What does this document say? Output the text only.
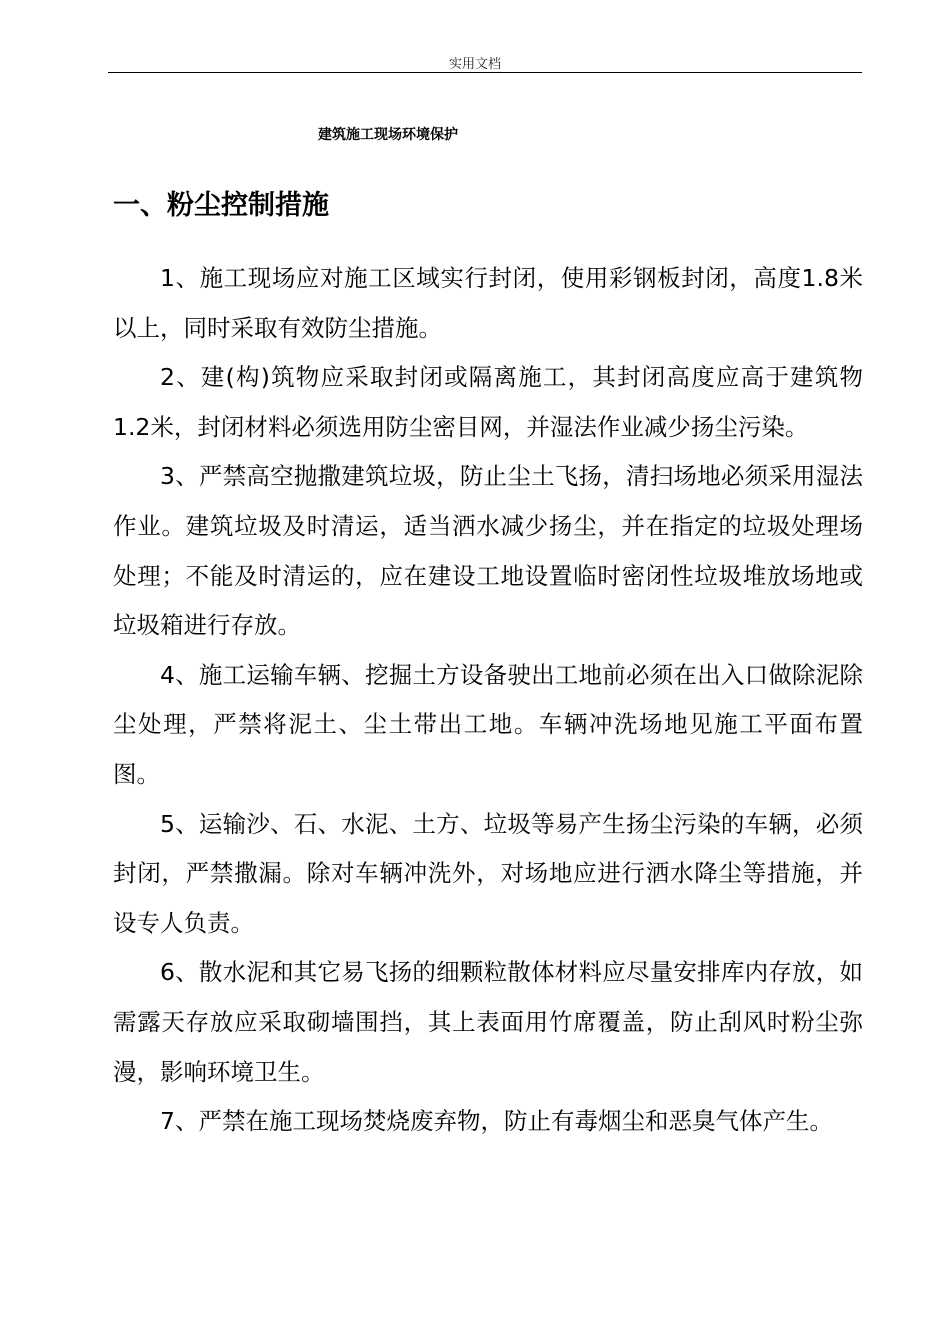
实用文档
建筑施工现场环境保护
一、粉尘控制措施

1、施工现场应对施工区域实行封闭，使用彩钢板封闭，高度1.8米以上，同时采取有效防尘措施。

2、建(构)筑物应采取封闭或隔离施工，其封闭高度应高于建筑物1.2米，封闭材料必须选用防尘密目网，并湿法作业减少扬尘污染。

3、严禁高空抛撒建筑垃圾，防止尘土飞扬，清扫场地必须采用湿法作业。建筑垃圾及时清运，适当洒水减少扬尘，并在指定的垃圾处理场处理；不能及时清运的，应在建设工地设置临时密闭性垃圾堆放场地或垃圾箱进行存放。

4、施工运输车辆、挖掘土方设备驶出工地前必须在出入口做除泥除尘处理，严禁将泥土、尘土带出工地。车辆冲洗场地见施工平面布置图。

5、运输沙、石、水泥、土方、垃圾等易产生扬尘污染的车辆，必须封闭，严禁撒漏。除对车辆冲洗外，对场地应进行洒水降尘等措施，并设专人负责。

6、散水泥和其它易飞扬的细颗粒散体材料应尽量安排库内存放，如需露天存放应采取砌墙围挡，其上表面用竹席覆盖，防止刮风时粉尘弥漫，影响环境卫生。

7、严禁在施工现场焚烧废弃物，防止有毒烟尘和恶臭气体产生。
